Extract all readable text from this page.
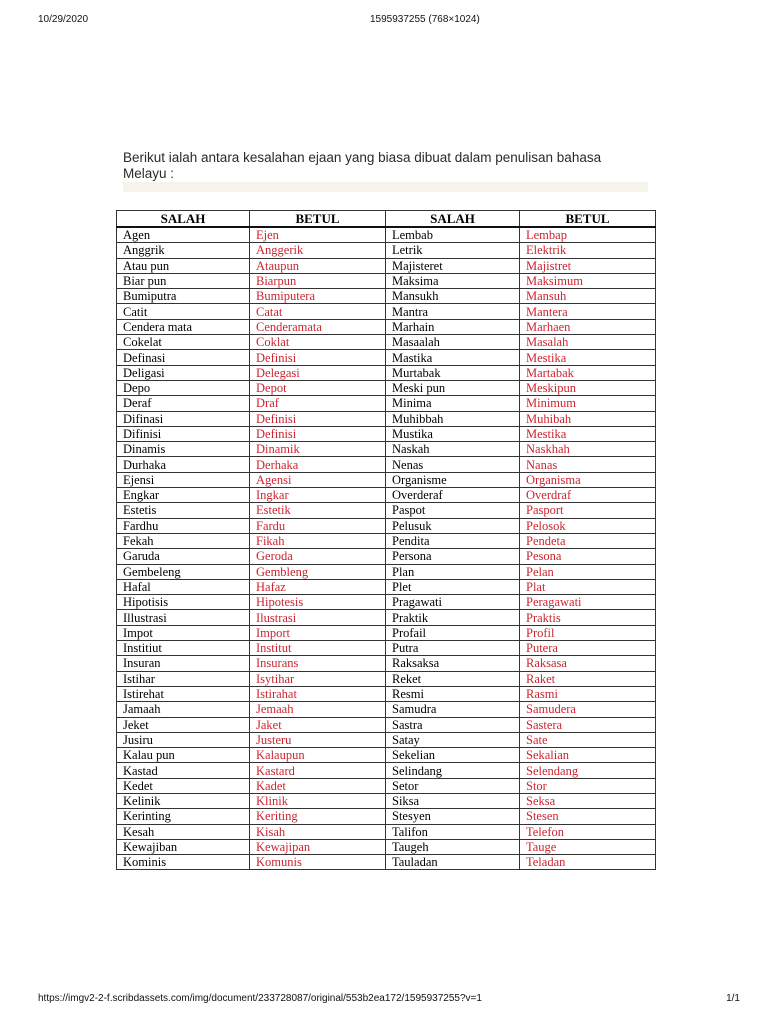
10/29/2020	1595937255 (768×1024)
Berikut ialah antara kesalahan ejaan yang biasa dibuat dalam penulisan bahasa Melayu :
SALAH	BETUL	SALAH	BETUL
Agen	Ejen	Lembab	Lembap
Anggrik	Anggerik	Letrik	Elektrik
Atau pun	Ataupun	Majisteret	Majistret
Biar pun	Biarpun	Maksima	Maksimum
Bumiputra	Bumiputera	Mansukh	Mansuh
Catit	Catat	Mantra	Mantera
Cendera mata	Cenderamata	Marhain	Marhaen
Cokelat	Coklat	Masaalah	Masalah
Definasi	Definisi	Mastika	Mestika
Deligasi	Delegasi	Murtabak	Martabak
Depo	Depot	Meski pun	Meskipun
Deraf	Draf	Minima	Minimum
Difinasi	Definisi	Muhibbah	Muhibah
Difinisi	Definisi	Mustika	Mestika
Dinamis	Dinamik	Naskah	Naskhah
Durhaka	Derhaka	Nenas	Nanas
Ejensi	Agensi	Organisme	Organisma
Engkar	Ingkar	Overderaf	Overdraf
Estetis	Estetik	Paspot	Pasport
Fardhu	Fardu	Pelusuk	Pelosok
Fekah	Fikah	Pendita	Pendeta
Garuda	Geroda	Persona	Pesona
Gembeleng	Gembleng	Plan	Pelan
Hafal	Hafaz	Plet	Plat
Hipotisis	Hipotesis	Pragawati	Peragawati
Illustrasi	Ilustrasi	Praktik	Praktis
Impot	Import	Profail	Profil
Institiut	Institut	Putra	Putera
Insuran	Insurans	Raksaksa	Raksasa
Istihar	Isytihar	Reket	Raket
Istirehat	Istirahat	Resmi	Rasmi
Jamaah	Jemaah	Samudra	Samudera
Jeket	Jaket	Sastra	Sastera
Jusiru	Justeru	Satay	Sate
Kalau pun	Kalaupun	Sekelian	Sekalian
Kastad	Kastard	Selindang	Selendang
Kedet	Kadet	Setor	Stor
Kelinik	Klinik	Siksa	Seksa
Kerinting	Keriting	Stesyen	Stesen
Kesah	Kisah	Talifon	Telefon
Kewajiban	Kewajipan	Taugeh	Tauge
Kominis	Komunis	Tauladan	Teladan
https://imgv2-2-f.scribdassets.com/img/document/233728087/original/553b2ea172/1595937255?v=1	1/1
